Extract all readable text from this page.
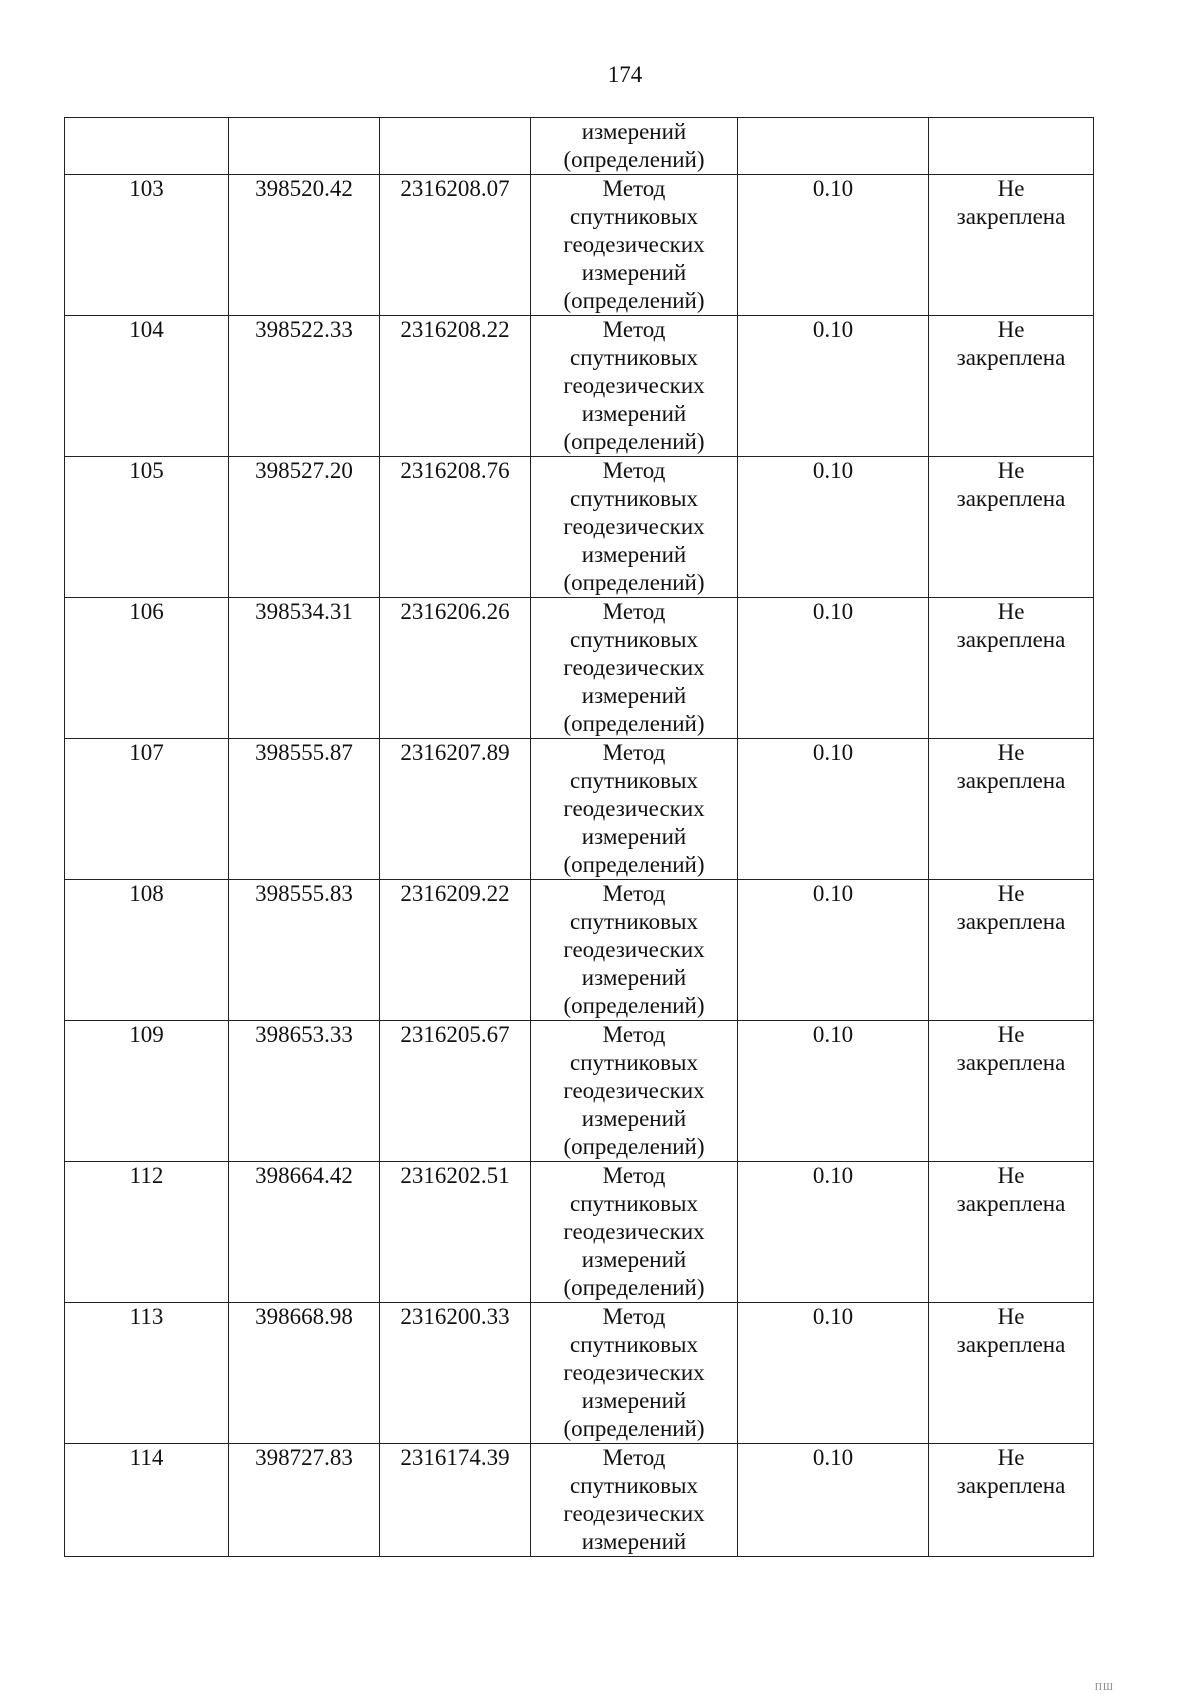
174

			измерений
(определений)		

103	398520.42	2316208.07	Метод
спутниковых
геодезических
измерений
(определений)	0.10	Не
закреплена

104	398522.33	2316208.22	Метод
спутниковых
геодезических
измерений
(определений)	0.10	Не
закреплена

105	398527.20	2316208.76	Метод
спутниковых
геодезических
измерений
(определений)	0.10	Не
закреплена

106	398534.31	2316206.26	Метод
спутниковых
геодезических
измерений
(определений)	0.10	Не
закреплена

107	398555.87	2316207.89	Метод
спутниковых
геодезических
измерений
(определений)	0.10	Не
закреплена

108	398555.83	2316209.22	Метод
спутниковых
геодезических
измерений
(определений)	0.10	Не
закреплена

109	398653.33	2316205.67	Метод
спутниковых
геодезических
измерений
(определений)	0.10	Не
закреплена

112	398664.42	2316202.51	Метод
спутниковых
геодезических
измерений
(определений)	0.10	Не
закреплена

113	398668.98	2316200.33	Метод
спутниковых
геодезических
измерений
(определений)	0.10	Не
закреплена

114	398727.83	2316174.39	Метод
спутниковых
геодезических
измерений	0.10	Не
закреплена
ПШ
